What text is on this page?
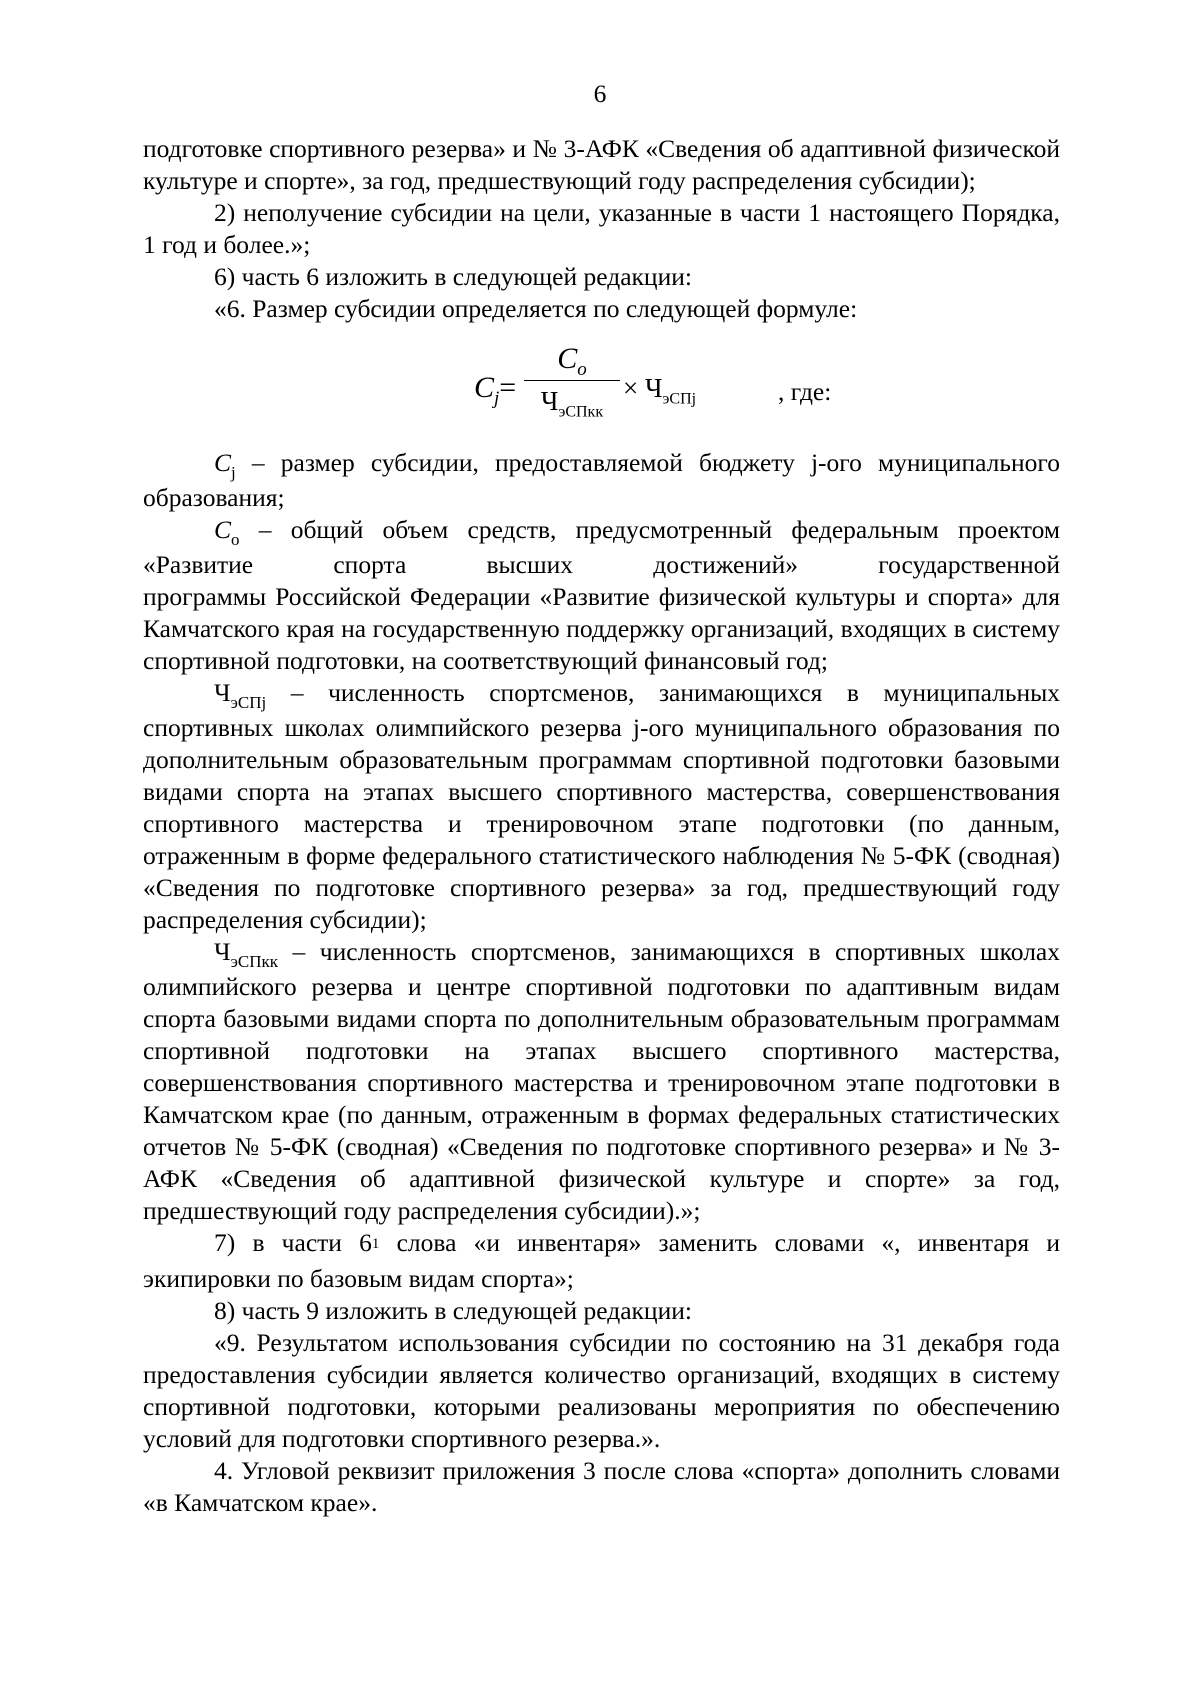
6

подготовке спортивного резерва» и № 3-АФК «Сведения об адаптивной физической культуре и спорте», за год, предшествующий году распределения субсидии);

2) неполучение субсидии на цели, указанные в части 1 настоящего Порядка, 1 год и более.»;

6) часть 6 изложить в следующей редакции:

«6. Размер субсидии определяется по следующей формуле:

$C_j=$
$C_o$
$Ч_{эСПкк}$
× $Ч_{эСПj}$	, где:

$C_j$ – размер субсидии, предоставляемой бюджету j-ого муниципального образования;

$C_o$ – общий объем средств, предусмотренный федеральным проектом

«Развитие спорта высших достижений» государственной

программы Российской Федерации «Развитие физической культуры и спорта» для Камчатского края на государственную поддержку организаций, входящих в систему спортивной подготовки, на соответствующий финансовый год;

$Ч_{эСПj}$ – численность спортсменов, занимающихся в муниципальных спортивных школах олимпийского резерва j-ого муниципального образования по дополнительным образовательным программам спортивной подготовки базовыми видами спорта на этапах высшего спортивного мастерства, совершенствования спортивного мастерства и тренировочном этапе подготовки (по данным, отраженным в форме федерального статистического наблюдения № 5-ФК (сводная) «Сведения по подготовке спортивного резерва» за год, предшествующий году распределения субсидии);

$Ч_{эСПкк}$ – численность спортсменов, занимающихся в спортивных школах олимпийского резерва и центре спортивной подготовки по адаптивным видам спорта базовыми видами спорта по дополнительным образовательным программам спортивной подготовки на этапах высшего спортивного мастерства, совершенствования спортивного мастерства и тренировочном этапе подготовки в Камчатском крае (по данным, отраженным в формах федеральных статистических отчетов № 5-ФК (сводная) «Сведения по подготовке спортивного резерва» и № 3-АФК «Сведения об адаптивной физической культуре и спорте» за год, предшествующий году распределения субсидии).»;

7) в части $6^1$ слова «и инвентаря» заменить словами «, инвентаря и экипировки по базовым видам спорта»;

8) часть 9 изложить в следующей редакции:

«9. Результатом использования субсидии по состоянию на 31 декабря года предоставления субсидии является количество организаций, входящих в систему спортивной подготовки, которыми реализованы мероприятия по обеспечению условий для подготовки спортивного резерва.».

4. Угловой реквизит приложения 3 после слова «спорта» дополнить словами «в Камчатском крае».
